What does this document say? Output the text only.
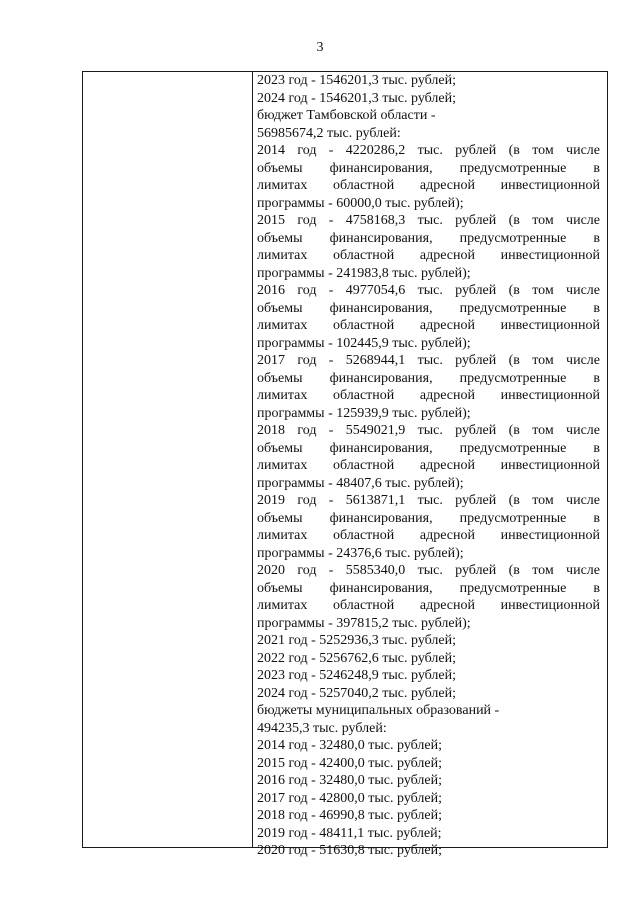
3
2023 год - 1546201,3 тыс. рублей;
2024 год - 1546201,3 тыс. рублей;
бюджет Тамбовской области -
56985674,2 тыс. рублей:
2014 год - 4220286,2 тыс. рублей (в том числе
объемы финансирования, предусмотренные в
лимитах областной адресной инвестиционной
программы - 60000,0 тыс. рублей);
2015 год - 4758168,3 тыс. рублей (в том числе
объемы финансирования, предусмотренные в
лимитах областной адресной инвестиционной
программы - 241983,8 тыс. рублей);
2016 год - 4977054,6 тыс. рублей (в том числе
объемы финансирования, предусмотренные в
лимитах областной адресной инвестиционной
программы - 102445,9 тыс. рублей);
2017 год - 5268944,1 тыс. рублей (в том числе
объемы финансирования, предусмотренные в
лимитах областной адресной инвестиционной
программы - 125939,9 тыс. рублей);
2018 год - 5549021,9 тыс. рублей (в том числе
объемы финансирования, предусмотренные в
лимитах областной адресной инвестиционной
программы - 48407,6 тыс. рублей);
2019 год - 5613871,1 тыс. рублей (в том числе
объемы финансирования, предусмотренные в
лимитах областной адресной инвестиционной
программы - 24376,6 тыс. рублей);
2020 год - 5585340,0 тыс. рублей (в том числе
объемы финансирования, предусмотренные в
лимитах областной адресной инвестиционной
программы - 397815,2 тыс. рублей);
2021 год - 5252936,3 тыс. рублей;
2022 год - 5256762,6 тыс. рублей;
2023 год - 5246248,9 тыс. рублей;
2024 год - 5257040,2 тыс. рублей;
бюджеты муниципальных образований -
494235,3 тыс. рублей:
2014 год - 32480,0 тыс. рублей;
2015 год - 42400,0 тыс. рублей;
2016 год - 32480,0 тыс. рублей;
2017 год - 42800,0 тыс. рублей;
2018 год - 46990,8 тыс. рублей;
2019 год - 48411,1 тыс. рублей;
2020 год - 51630,8 тыс. рублей;
